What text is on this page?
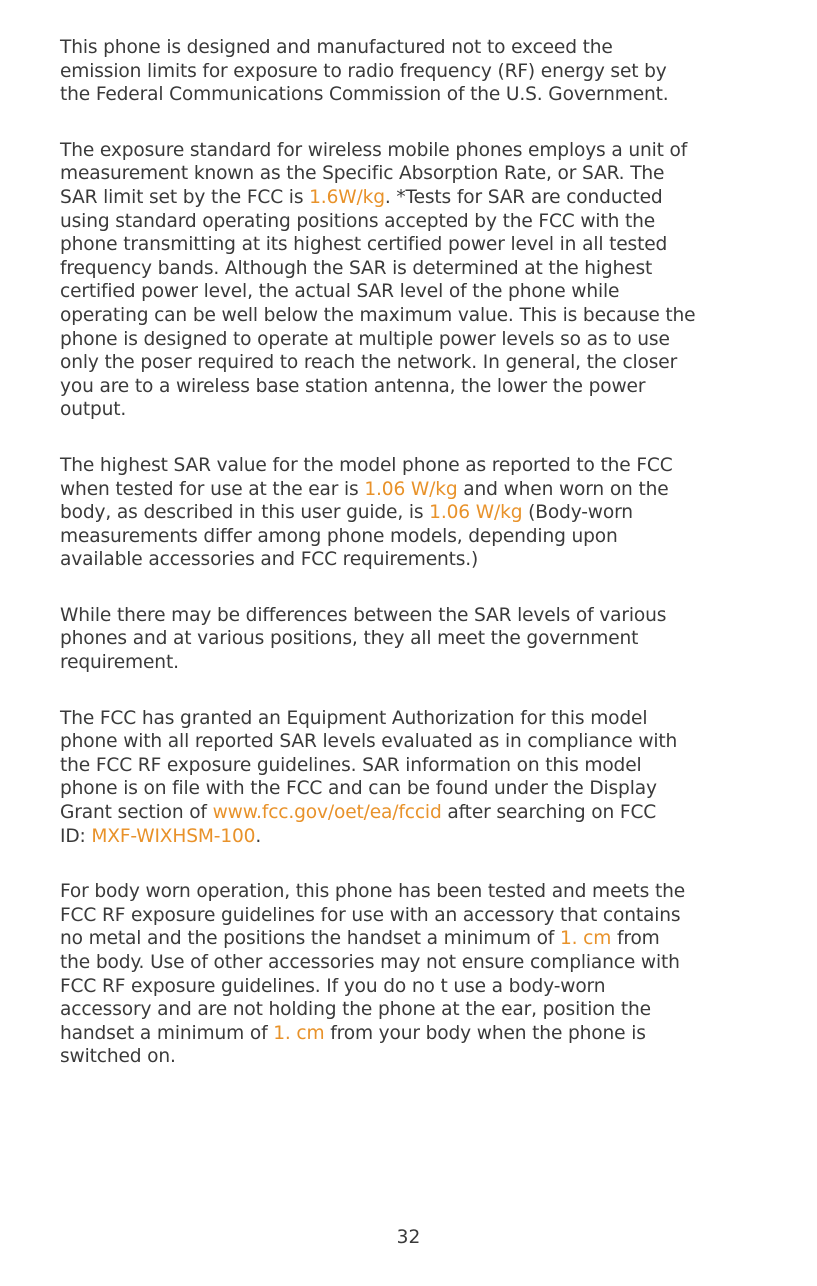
This phone is designed and manufactured not to exceed the
emission limits for exposure to radio frequency (RF) energy set by
the Federal Communications Commission of the U.S. Government.
The exposure standard for wireless mobile phones employs a unit of
measurement known as the Specific Absorption Rate, or SAR. The
SAR limit set by the FCC is 1.6W/kg. *Tests for SAR are conducted
using standard operating positions accepted by the FCC with the
phone transmitting at its highest certified power level in all tested
frequency bands. Although the SAR is determined at the highest
certified power level, the actual SAR level of the phone while
operating can be well below the maximum value. This is because the
phone is designed to operate at multiple power levels so as to use
only the poser required to reach the network. In general, the closer
you are to a wireless base station antenna, the lower the power
output.
The highest SAR value for the model phone as reported to the FCC
when tested for use at the ear is 1.06 W/kg and when worn on the
body, as described in this user guide, is 1.06 W/kg (Body-worn
measurements differ among phone models, depending upon
available accessories and FCC requirements.)
While there may be differences between the SAR levels of various
phones and at various positions, they all meet the government
requirement.
The FCC has granted an Equipment Authorization for this model
phone with all reported SAR levels evaluated as in compliance with
the FCC RF exposure guidelines. SAR information on this model
phone is on file with the FCC and can be found under the Display
Grant section of www.fcc.gov/oet/ea/fccid after searching on FCC
ID: MXF-WIXHSM-100.
For body worn operation, this phone has been tested and meets the
FCC RF exposure guidelines for use with an accessory that contains
no metal and the positions the handset a minimum of 1. cm from
the body. Use of other accessories may not ensure compliance with
FCC RF exposure guidelines. If you do no t use a body-worn
accessory and are not holding the phone at the ear, position the
handset a minimum of 1. cm from your body when the phone is
switched on.
32
